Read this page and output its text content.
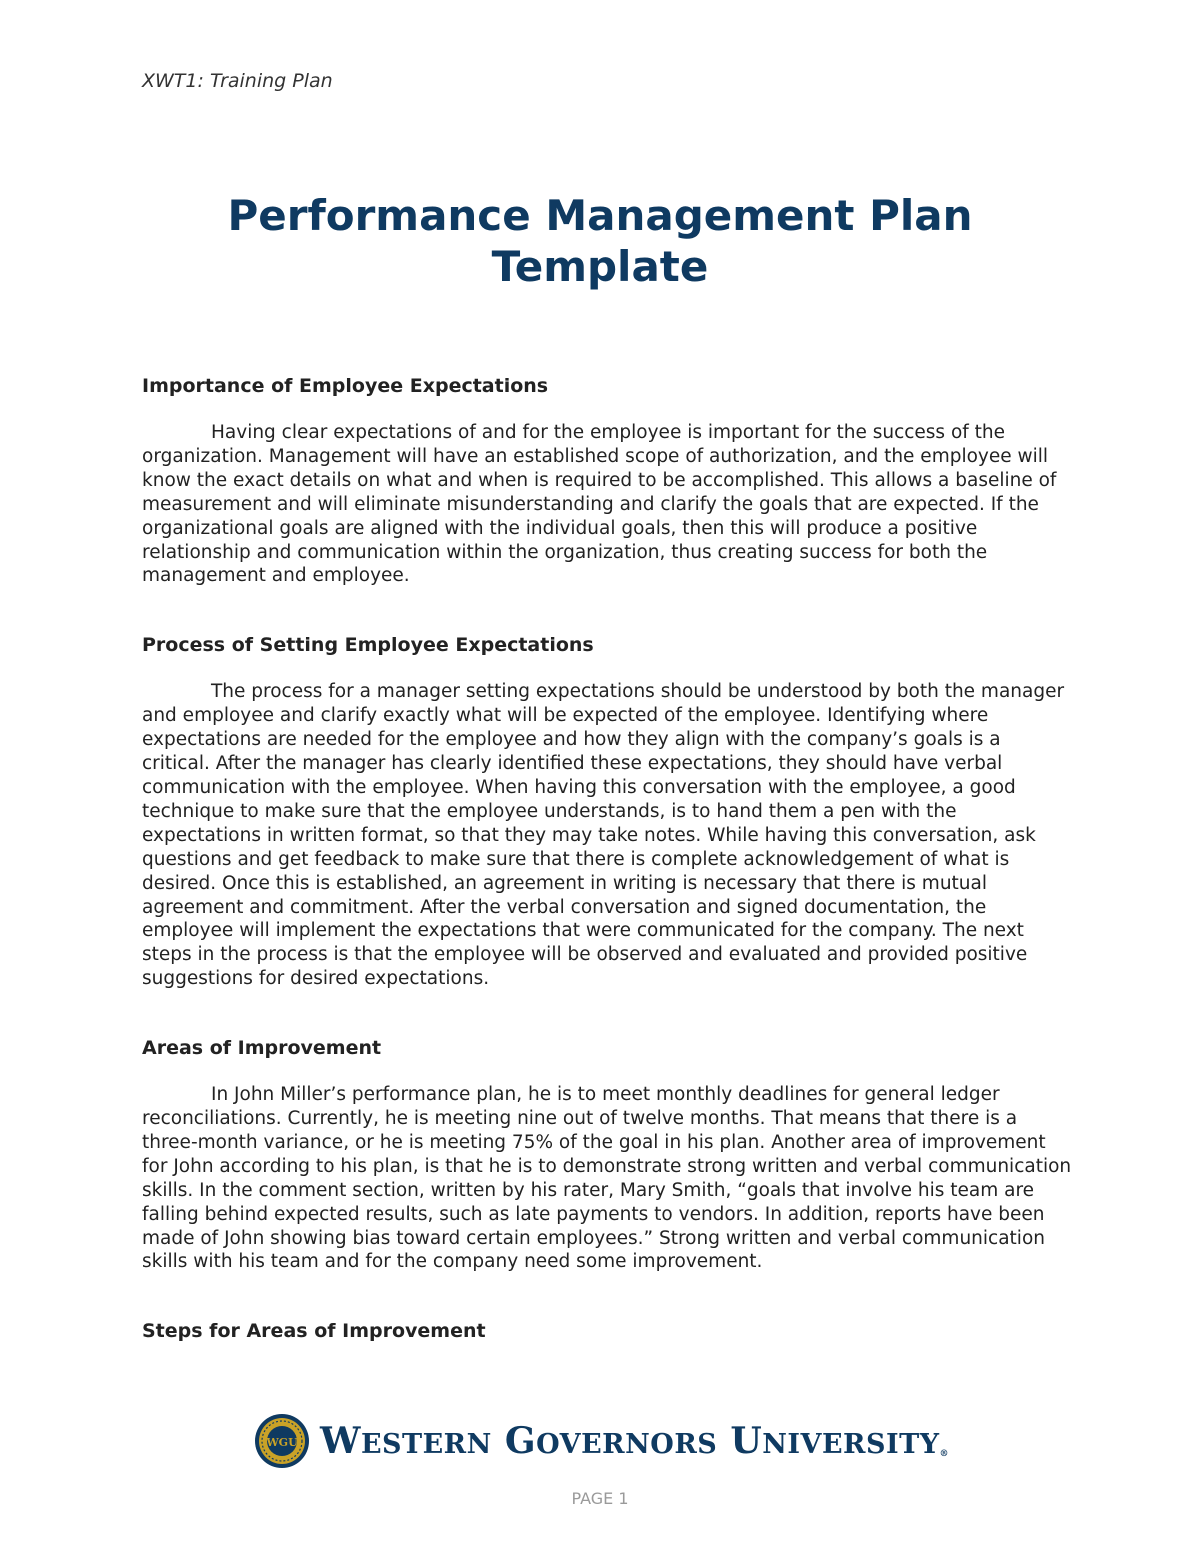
XWT1: Training Plan
Performance Management Plan
Template
Importance of Employee Expectations

Having clear expectations of and for the employee is important for the success of the organization. Management will have an established scope of authorization, and the employee will know the exact details on what and when is required to be accomplished. This allows a baseline of measurement and will eliminate misunderstanding and clarify the goals that are expected. If the organizational goals are aligned with the individual goals, then this will produce a positive relationship and communication within the organization, thus creating success for both the management and employee.

Process of Setting Employee Expectations

The process for a manager setting expectations should be understood by both the manager and employee and clarify exactly what will be expected of the employee. Identifying where expectations are needed for the employee and how they align with the company’s goals is a critical. After the manager has clearly identified these expectations, they should have verbal communication with the employee. When having this conversation with the employee, a good technique to make sure that the employee understands, is to hand them a pen with the expectations in written format, so that they may take notes. While having this conversation, ask questions and get feedback to make sure that there is complete acknowledgement of what is desired. Once this is established, an agreement in writing is necessary that there is mutual agreement and commitment. After the verbal conversation and signed documentation, the employee will implement the expectations that were communicated for the company. The next steps in the process is that the employee will be observed and evaluated and provided positive suggestions for desired expectations.

Areas of Improvement

In John Miller’s performance plan, he is to meet monthly deadlines for general ledger reconciliations. Currently, he is meeting nine out of twelve months. That means that there is a three-month variance, or he is meeting 75% of the goal in his plan. Another area of improvement for John according to his plan, is that he is to demonstrate strong written and verbal communication skills. In the comment section, written by his rater, Mary Smith, “goals that involve his team are falling behind expected results, such as late payments to vendors. In addition, reports have been made of John showing bias toward certain employees.” Strong written and verbal communication skills with his team and for the company need some improvement.

Steps for Areas of Improvement
WGU WESTERN GOVERNORS UNIVERSITY®
PAGE 1
